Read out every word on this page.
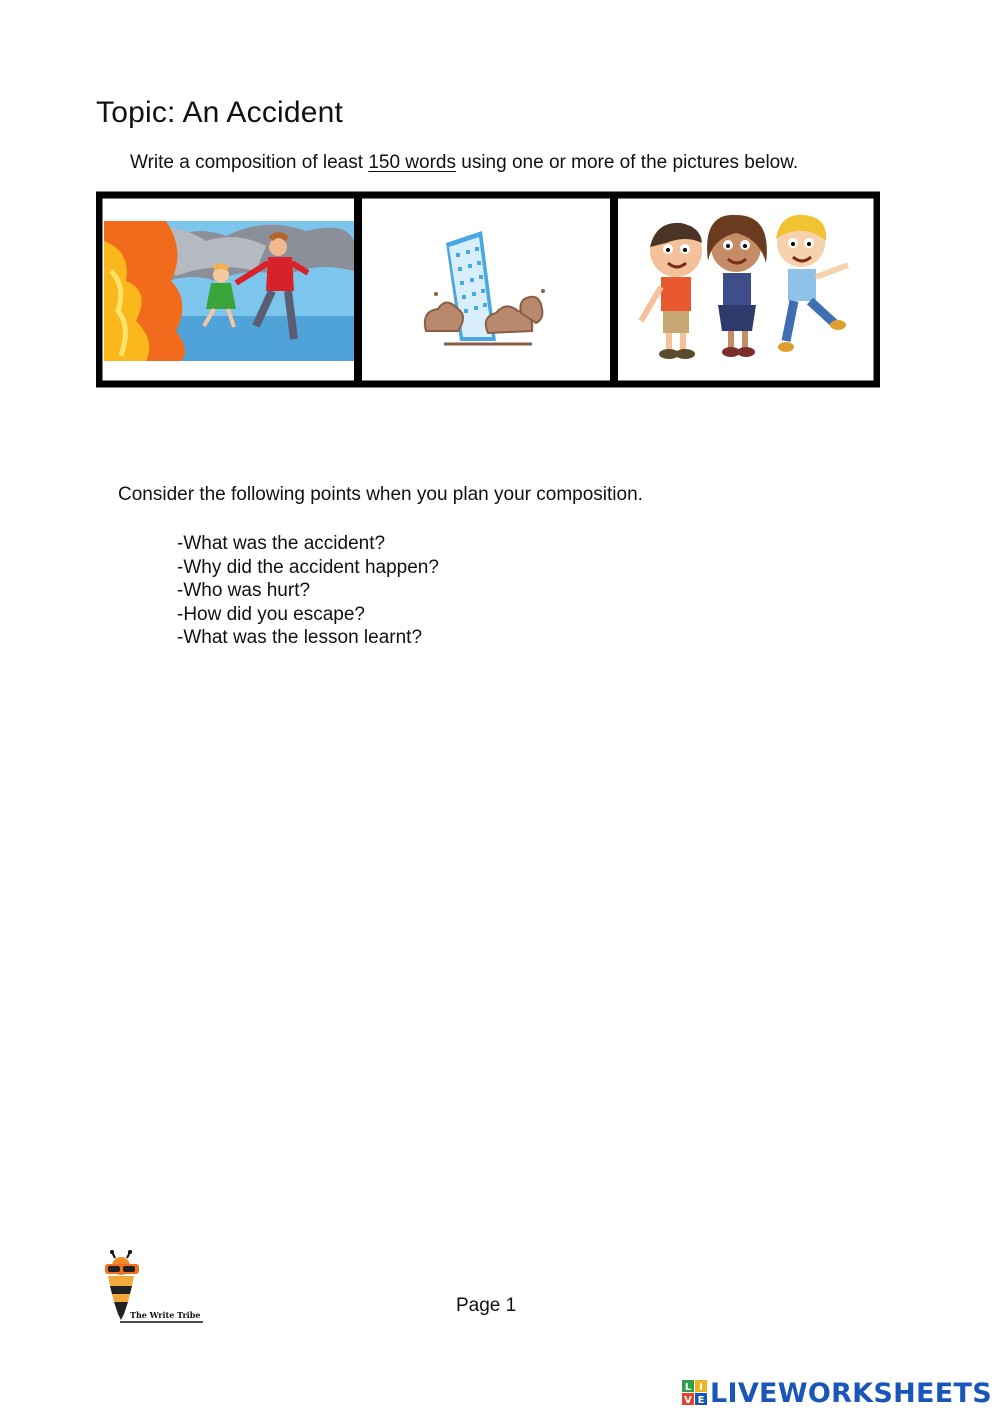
Topic: An Accident
Write a composition of least 150 words using one or more of the pictures below.
Consider the following points when you plan your composition.
-What was the accident?
-Why did the accident happen?
-Who was hurt?
-How did you escape?
-What was the lesson learnt?
The Write Tribe	Page 1
L I
V E LIVEWORKSHEETS
